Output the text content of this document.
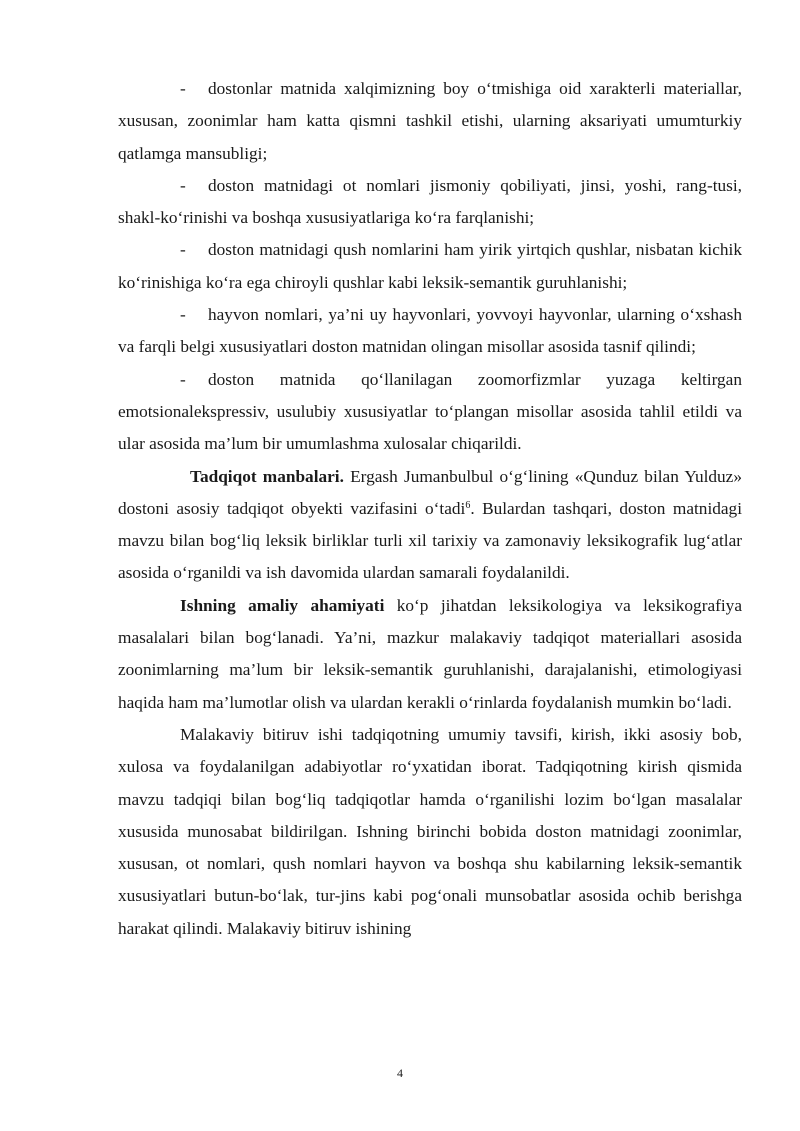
- dostonlar matnida xalqimizning boy o‘tmishiga oid xarakterli materiallar, xususan, zoonimlar ham katta qismni tashkil etishi, ularning aksariyati umumturkiy qatlamga mansubligi;

- doston matnidagi ot nomlari jismoniy qobiliyati, jinsi, yoshi, rang-tusi, shakl-ko‘rinishi va boshqa xususiyatlariga ko‘ra farqlanishi;

- doston matnidagi qush nomlarini ham yirik yirtqich qushlar, nisbatan kichik ko‘rinishiga ko‘ra ega chiroyli qushlar kabi leksik-semantik guruhlanishi;

- hayvon nomlari, ya’ni uy hayvonlari, yovvoyi hayvonlar, ularning o‘xshash va farqli belgi xususiyatlari doston matnidan olingan misollar asosida tasnif qilindi;

- doston matnida qo‘llanilagan zoomorfizmlar yuzaga keltirgan emotsionalekspressiv, usulubiy xususiyatlar to‘plangan misollar asosida tahlil etildi va ular asosida ma’lum bir umumlashma xulosalar chiqarildi.

Tadqiqot manbalari. Ergash Jumanbulbul o‘g‘lining «Qunduz bilan Yulduz» dostoni asosiy tadqiqot obyekti vazifasini o‘tadi$^6$. Bulardan tashqari, doston matnidagi mavzu bilan bog‘liq leksik birliklar turli xil tarixiy va zamonaviy leksikografik lug‘atlar asosida o‘rganildi va ish davomida ulardan samarali foydalanildi.

Ishning amaliy ahamiyati ko‘p jihatdan leksikologiya va leksikografiya masalalari bilan bog‘lanadi. Ya’ni, mazkur malakaviy tadqiqot materiallari asosida zoonimlarning ma’lum bir leksik-semantik guruhlanishi, darajalanishi, etimologiyasi haqida ham ma’lumotlar olish va ulardan kerakli o‘rinlarda foydalanish mumkin bo‘ladi.

Malakaviy bitiruv ishi tadqiqotning umumiy tavsifi, kirish, ikki asosiy bob, xulosa va foydalanilgan adabiyotlar ro‘yxatidan iborat. Tadqiqotning kirish qismida mavzu tadqiqi bilan bog‘liq tadqiqotlar hamda o‘rganilishi lozim bo‘lgan masalalar xususida munosabat bildirilgan. Ishning birinchi bobida doston matnidagi zoonimlar, xususan, ot nomlari, qush nomlari hayvon va boshqa shu kabilarning leksik-semantik xususiyatlari butun-bo‘lak, tur-jins kabi pog‘onali munsobatlar asosida ochib berishga harakat qilindi. Malakaviy bitiruv ishining

4
